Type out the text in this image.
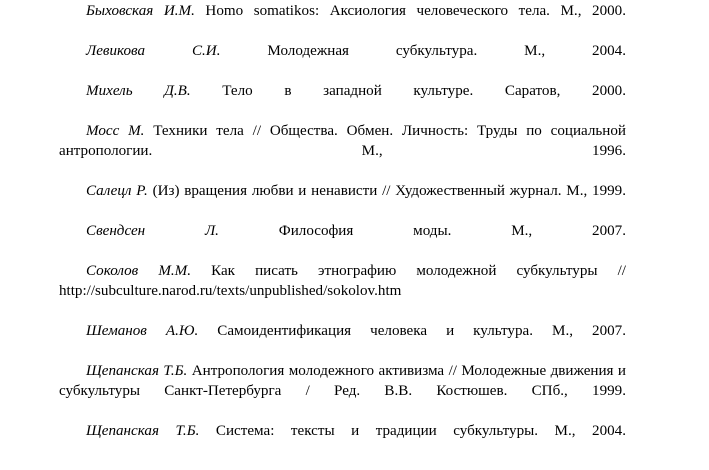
Быховская И.М. Homo somatikos: Аксиология человеческого тела. М., 2000.

Левикова С.И. Молодежная субкультура. М., 2004.

Михель Д.В. Тело в западной культуре. Саратов, 2000.

Мосс М. Техники тела // Общества. Обмен. Личность: Труды по социальной антропологии. М., 1996.

Салецл Р. (Из) вращения любви и ненависти // Художественный журнал. М., 1999.

Свендсен Л. Философия моды. М., 2007.

Соколов М.М. Как писать этнографию молодежной субкультуры // http://subculture.narod.ru/texts/unpublished/sokolov.htm

Шеманов А.Ю. Самоидентификация человека и культура. М., 2007.

Щепанская Т.Б. Антропология молодежного активизма // Молодежные движения и субкультуры Санкт-Петербурга / Ред. В.В. Костюшев. СПб., 1999.

Щепанская Т.Б. Система: тексты и традиции субкультуры. М., 2004.
